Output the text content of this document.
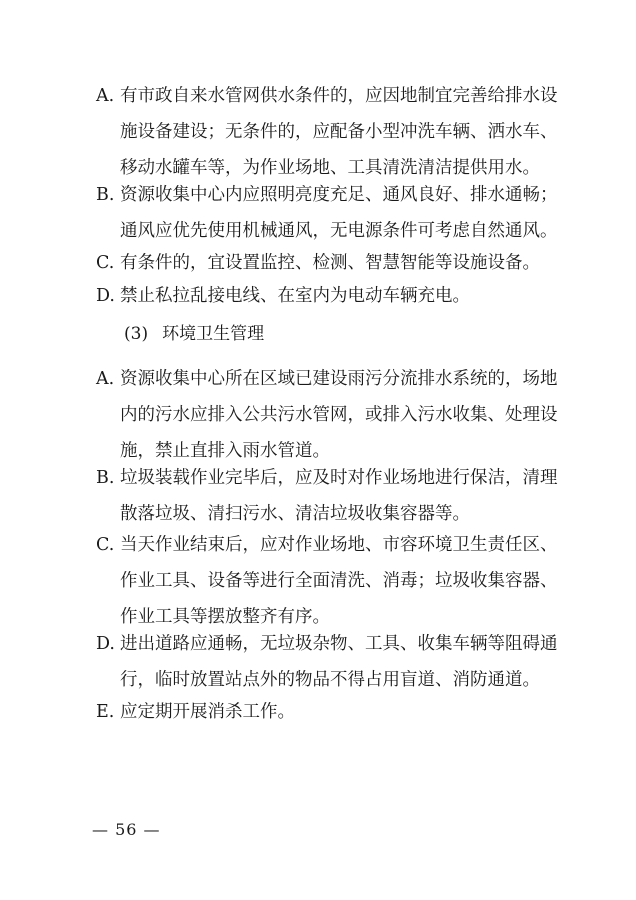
A. 有市政自来水管网供水条件的，应因地制宜完善给排水设
施设备建设；无条件的，应配备小型冲洗车辆、洒水车、
移动水罐车等，为作业场地、工具清洗清洁提供用水。
B. 资源收集中心内应照明亮度充足、通风良好、排水通畅；
通风应优先使用机械通风，无电源条件可考虑自然通风。
C. 有条件的，宜设置监控、检测、智慧智能等设施设备。
D. 禁止私拉乱接电线、在室内为电动车辆充电。
(3) 环境卫生管理
A. 资源收集中心所在区域已建设雨污分流排水系统的，场地
内的污水应排入公共污水管网，或排入污水收集、处理设
施，禁止直排入雨水管道。
B. 垃圾装载作业完毕后，应及时对作业场地进行保洁，清理
散落垃圾、清扫污水、清洁垃圾收集容器等。
C. 当天作业结束后，应对作业场地、市容环境卫生责任区、
作业工具、设备等进行全面清洗、消毒；垃圾收集容器、
作业工具等摆放整齐有序。
D. 进出道路应通畅，无垃圾杂物、工具、收集车辆等阻碍通
行，临时放置站点外的物品不得占用盲道、消防通道。
E. 应定期开展消杀工作。
— 56 —
